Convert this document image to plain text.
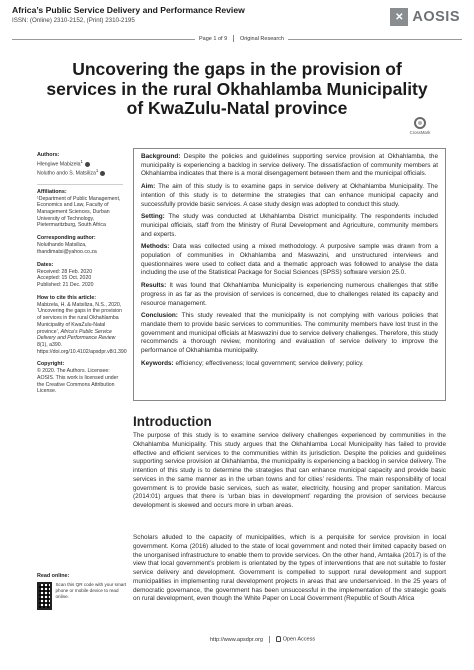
Africa’s Public Service Delivery and Performance Review
ISSN: (Online) 2310-2152, (Print) 2310-2195	✕ AOSIS
Page 1 of 9 Original Research
Uncovering the gaps in the provision of services in the rural Okhahlamba Municipality of KwaZulu-Natal province
CrossMark
Authors:
Hlengiwe Mabizela$^1$
Nolutho ando S. Matsiliza$^1$
Affiliations:
¹Department of Public Management, Economics and Law, Faculty of Management Sciences, Durban University of Technology, Pietermaritzburg, South Africa
Corresponding author:
Noluthando Matsiliza,
thandimatsi@yahoo.co.za
Dates:
Received: 28 Feb. 2020
Accepted: 15 Oct. 2020
Published: 21 Dec. 2020
How to cite this article:
Mabizela, H. & Matsiliza, N.S., 2020, ‘Uncovering the gaps in the provision of services in the rural Okhahlamba Municipality of KwaZulu-Natal province’, Africa’s Public Service Delivery and Performance Review 8(1), a390. https://doi.org/10.4102/apsdpr.v8i1.390
Copyright:
© 2020. The Authors. Licensee: AOSIS. This work is licensed under the Creative Commons Attribution License.
Read online:
Scan this QR code with your smart phone or mobile device to read online.

Background: Despite the policies and guidelines supporting service provision at Okhahlamba, the municipality is experiencing a backlog in service delivery. The dissatisfaction of community members at Okhahlamba indicates that there is a moral disengagement between them and the municipal officials.

Aim: The aim of this study is to examine gaps in service delivery at Okhahlamba Municipality. The intention of this study is to determine the strategies that can enhance municipal capacity and successfully provide basic services. A case study design was adopted to conduct this study.

Setting: The study was conducted at Ukhahlamba District municipality. The respondents included municipal officials, staff from the Ministry of Rural Development and Agriculture, community members and experts.

Methods: Data was collected using a mixed methodology. A purposive sample was drawn from a population of communities in Okhahlamba and Maswazini, and unstructured interviews and questionnaires were used to collect data and a thematic approach was followed to analyse the data including the use of the Statistical Package for Social Sciences (SPSS) software version 25.0.

Results: It was found that Okhahlamba Municipality is experiencing numerous challenges that stifle progress in as far as the provision of services is concerned, due to challenges related its capacity and resource management.

Conclusion: This study revealed that the municipality is not complying with various policies that mandate them to provide basic services to communities. The community members have lost trust in the government and municipal officials at Maswazini due to service delivery challenges. Therefore, this study recommends a thorough review, monitoring and evaluation of service delivery to improve the performance of Okhahlamba municipality.

Keywords: efficiency; effectiveness; local government; service delivery; policy.

Introduction

The purpose of this study is to examine service delivery challenges experienced by communities in the Okhahlamba Municipality. This study argues that the Okhahlamba Local Municipality has failed to provide effective and efficient services to the communities within its jurisdiction. Despite the policies and guidelines supporting service provision at Okhahlamba, the municipality is experiencing a backlog in service delivery. The intention of this study is to determine the strategies that can enhance municipal capacity and provide basic services in the same manner as in the urban towns and for cities’ residents. The main responsibility of local government is to provide basic services, such as water, electricity, housing and proper sanitation. Marcus (2014:01) argues that there is ‘urban bias in development’ regarding the provision of services because development is skewed and occurs more in urban areas.

Scholars alluded to the capacity of municipalities, which is a perquisite for service provision in local government. Koma (2016) alluded to the state of local government and noted their limited capacity based on the unorganised infrastructure to enable them to provide services. On the other hand, Amtaika (2017) is of the view that local government’s problem is orientated by the types of interventions that are not suitable to foster service delivery and development. Government is compelled to support rural development and support municipalities in implementing rural development projects in areas that are underserviced. In the 25 years of democratic governance, the government has been unsuccessful in the implementation of the strategic goals on rural development, even though the White Paper on Local Government (Republic of South Africa

http://www.apsdpr.org	Open Access
